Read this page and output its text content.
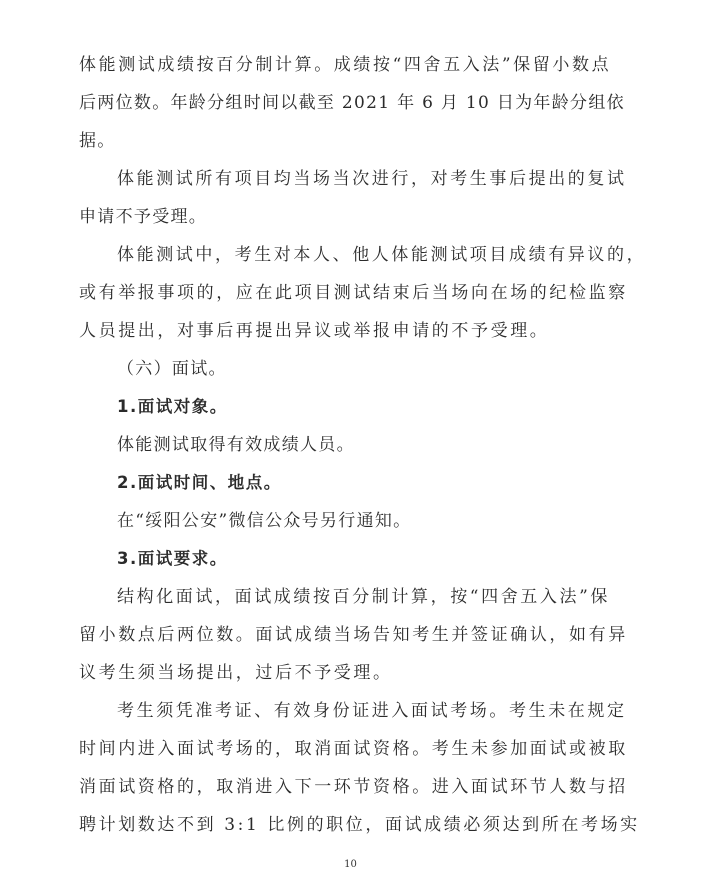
体能测试成绩按百分制计算。成绩按“四舍五入法”保留小数点
后两位数。年龄分组时间以截至 2021 年 6 月 10 日为年龄分组依
据。
体能测试所有项目均当场当次进行，对考生事后提出的复试
申请不予受理。
体能测试中，考生对本人、他人体能测试项目成绩有异议的，
或有举报事项的，应在此项目测试结束后当场向在场的纪检监察
人员提出，对事后再提出异议或举报申请的不予受理。
（六）面试。
1.面试对象。
体能测试取得有效成绩人员。
2.面试时间、地点。
在“绥阳公安”微信公众号另行通知。
3.面试要求。
结构化面试，面试成绩按百分制计算，按“四舍五入法”保
留小数点后两位数。面试成绩当场告知考生并签证确认，如有异
议考生须当场提出，过后不予受理。
考生须凭准考证、有效身份证进入面试考场。考生未在规定
时间内进入面试考场的，取消面试资格。考生未参加面试或被取
消面试资格的，取消进入下一环节资格。进入面试环节人数与招
聘计划数达不到 3:1 比例的职位，面试成绩必须达到所在考场实
10
